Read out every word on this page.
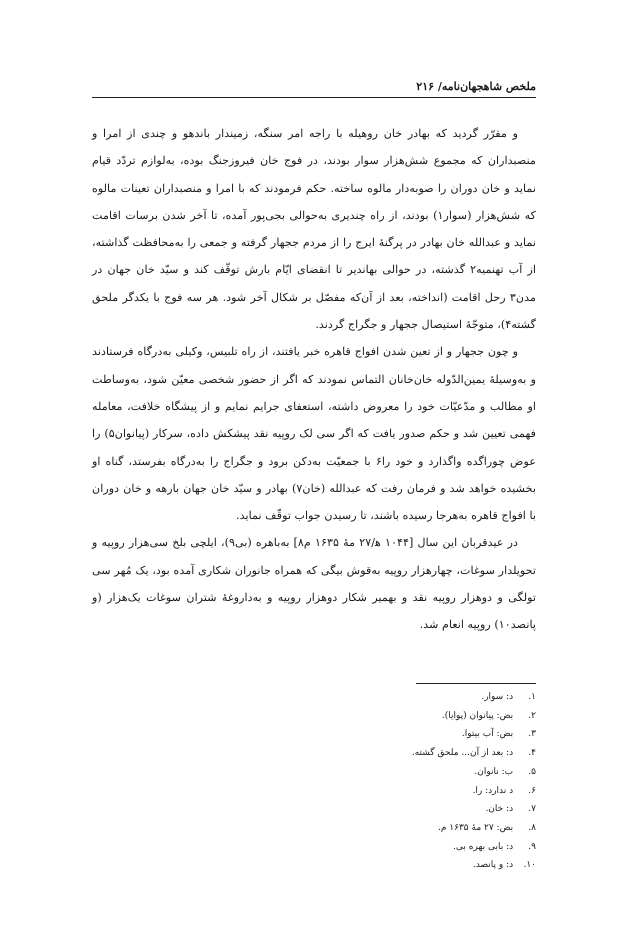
ملخص شاهجهان‌نامه/ ۲۱۶

و مقرّر گردید که بهادر خان روهیله با راجه امر سنگه، زمیندار باندهو و چندی از امرا و منصبداران که مجموع شش‌هزار سوار بودند، در فوج خان فیروزجنگ بوده، به‌لوازم تردّد قیام نماید و خان دوران را صوبه‌دار مالوه ساخته. حکم فرمودند که با امرا و منصبداران تعینات مالوه که شش‌هزار (سوار۱) بودند، از راه چندیری به‌حوالی بجی‌پور آمده، تا آخر شدن برسات اقامت نماید و عبدالله خان بهادر در پرگنهٔ ایرج را از مردم ججهار گرفته و جمعی را به‌محافظت گذاشته، از آب تهنمیه۲ گذشته، در حوالی بهاندیر تا انقضای ایّام بارش توقّف کند و سیّد خان جهان در مدن۳ رحل اقامت (انداخته، بعد از آن‌که مفصّل بر شکال آخر شود. هر سه فوج با یکدگر ملحق گشته۴)، متوجّهٔ استیصال ججهار و جگراج گردند.

و چون ججهار و از تعین شدن افواج قاهره خبر یافتند، از راه تلبیس، وکیلی به‌درگاه فرستادند و به‌وسیلهٔ یمین‌الدّوله خان‌خانان التماس نمودند که اگر از حضور شخصی معیّن شود، به‌وساطت او مطالب و مدّعیّات خود را معروض داشته، استعفای جرایم نمایم و از پیشگاه خلافت، معامله فهمی تعیین شد و حکم صدور یافت که اگر سی لک روپیه نقد پیشکش داده، سرکار (پیانوان۵) را عوض چوراگده واگذارد و خود را۶ با جمعیّت به‌دکن برود و جگراج را به‌درگاه بفرستد، گناه او بخشیده خواهد شد و فرمان رفت که عبدالله (خان۷) بهادر و سیّد خان جهان بارهه و خان دوران با افواج قاهره به‌هرجا رسیده باشند، تا رسیدن جواب توقّف نماید.

در عیدقربان این سال [۱۰۴۴ ه‍/۲۷ مهٔ ۱۶۳۵ م۸] به‌باهره (بی۹)، ایلچی بلخ سی‌هزار روپیه و تحویلدار سوغات، چهارهزار روپیه به‌قوش بیگی که همراه جانوران شکاری آمده بود، یک مُهر سی تولگی و دوهزار روپیه نقد و بهمیر شکار دوهزار روپیه و به‌داروغهٔ شتران سوغات یک‌هزار (و پانصد۱۰) روپیه انعام شد.

۱. د: سوار.
۲. بض: پیانوان (پوایا).
۳. بض: آب بیتوا.
۴. د: بعد از آن... ملحق گشته.
۵. ب: نانوان.
۶. د ندارد: را.
۷. د: خان.
۸. بض: ۲۷ مهٔ ۱۶۳۵ م.
۹. د: بابی بهره بی.
۱۰. د: و پانصد.
